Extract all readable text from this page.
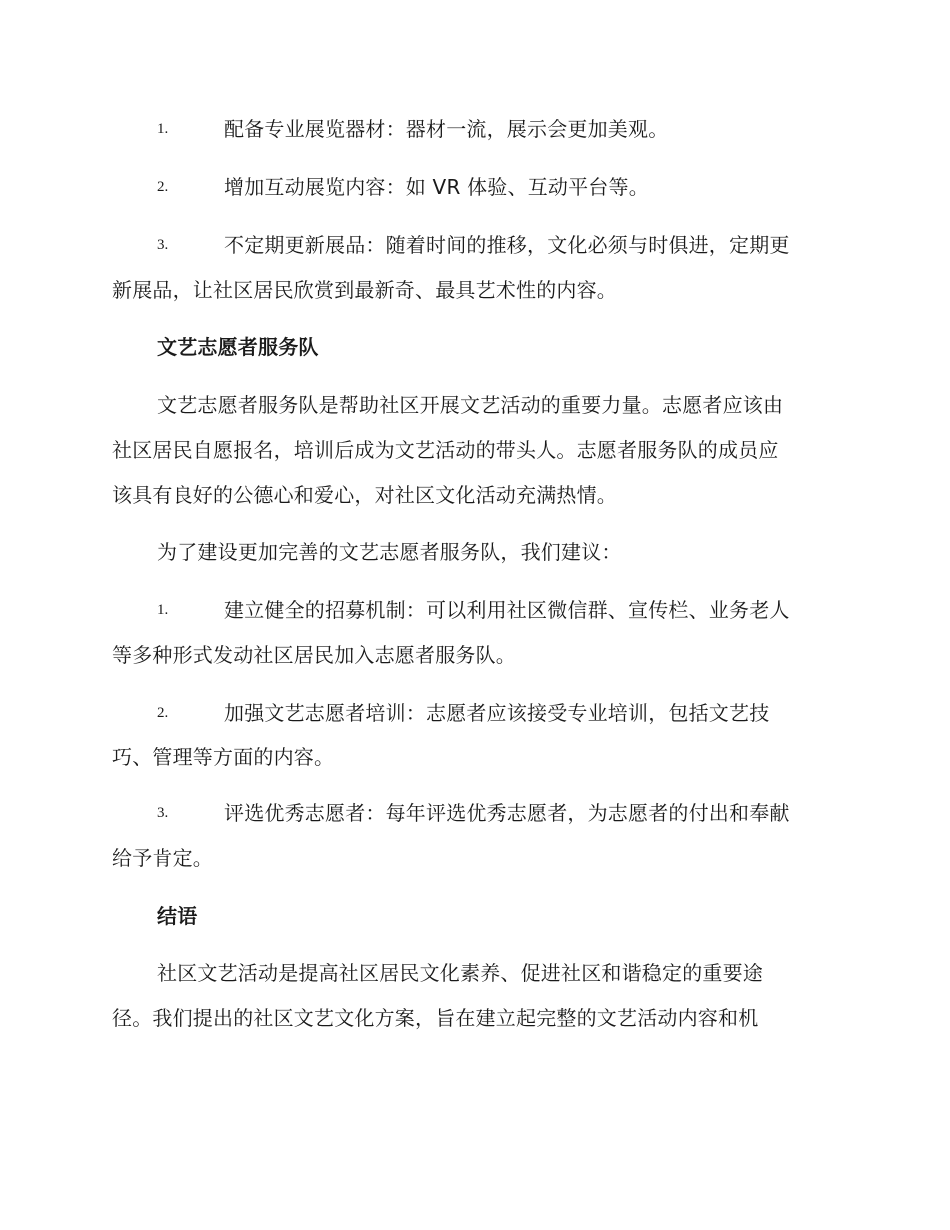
1.	配备专业展览器材：器材一流，展示会更加美观。
2.	增加互动展览内容：如 VR 体验、互动平台等。
3.	不定期更新展品：随着时间的推移，文化必须与时俱进，定期更
新展品，让社区居民欣赏到最新奇、最具艺术性的内容。
文艺志愿者服务队
文艺志愿者服务队是帮助社区开展文艺活动的重要力量。志愿者应该由
社区居民自愿报名，培训后成为文艺活动的带头人。志愿者服务队的成员应
该具有良好的公德心和爱心，对社区文化活动充满热情。
为了建设更加完善的文艺志愿者服务队，我们建议：
1.	建立健全的招募机制：可以利用社区微信群、宣传栏、业务老人
等多种形式发动社区居民加入志愿者服务队。
2.	加强文艺志愿者培训：志愿者应该接受专业培训，包括文艺技
巧、管理等方面的内容。
3.	评选优秀志愿者：每年评选优秀志愿者，为志愿者的付出和奉献
给予肯定。
结语
社区文艺活动是提高社区居民文化素养、促进社区和谐稳定的重要途
径。我们提出的社区文艺文化方案，旨在建立起完整的文艺活动内容和机
